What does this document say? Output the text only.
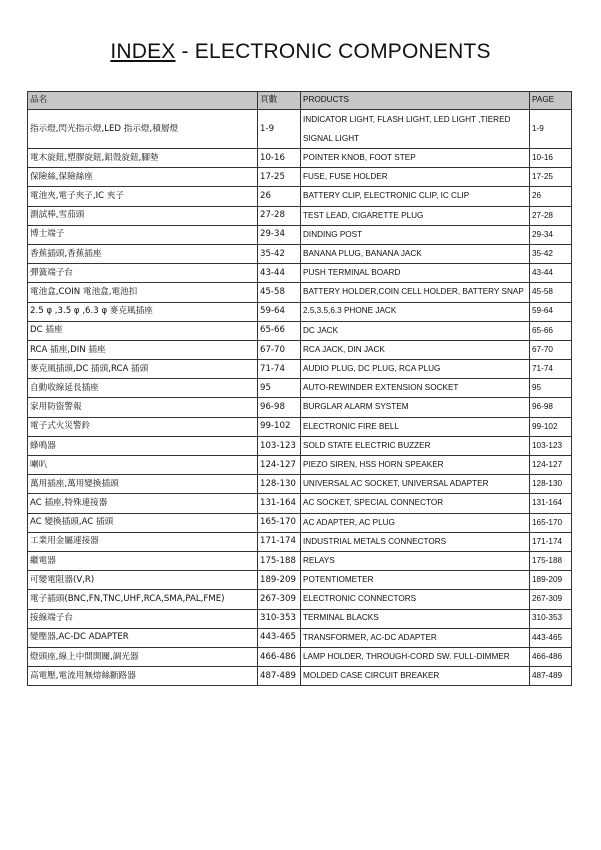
INDEX - ELECTRONIC COMPONENTS
品名	頁數	PRODUCTS	PAGE
指示燈,閃光指示燈,LED 指示燈,積層燈	1-9	INDICATOR LIGHT, FLASH LIGHT, LED LIGHT ,TIERED SIGNAL LIGHT	1-9
電木旋鈕,塑膠旋鈕,鋁殼旋鈕,腳墊	10-16	POINTER KNOB, FOOT STEP	10-16
保險絲,保險絲座	17-25	FUSE, FUSE HOLDER	17-25
電池夾,電子夾子,IC 夾子	26	BATTERY CLIP, ELECTRONIC CLIP, IC CLIP	26
測試棒,雪茄頭	27-28	TEST LEAD, CIGARETTE PLUG	27-28
博士端子	29-34	DINDING POST	29-34
香蕉插頭,香蕉插座	35-42	BANANA PLUG, BANANA JACK	35-42
彈簧端子台	43-44	PUSH TERMINAL BOARD	43-44
電池盒,COIN 電池盒,電池扣	45-58	BATTERY HOLDER,COIN CELL HOLDER, BATTERY SNAP	45-58
2.5 φ ,3.5 φ ,6.3 φ 麥克風插座	59-64	2.5,3.5,6.3 PHONE JACK	59-64
DC 插座	65-66	DC JACK	65-66
RCA 插座,DIN 插座	67-70	RCA JACK, DIN JACK	67-70
麥克風插頭,DC 插頭,RCA 插頭	71-74	AUDIO PLUG, DC PLUG, RCA PLUG	71-74
自動收線延長插座	95	AUTO-REWINDER EXTENSION SOCKET	95
家用防盜警報	96-98	BURGLAR ALARM SYSTEM	96-98
電子式火災警鈴	99-102	ELECTRONIC FIRE BELL	99-102
蜂鳴器	103-123	SOLD STATE ELECTRIC BUZZER	103-123
喇叭	124-127	PIEZO SIREN, HSS HORN SPEAKER	124-127
萬用插座,萬用變換插頭	128-130	UNIVERSAL AC SOCKET, UNIVERSAL ADAPTER	128-130
AC 插座,特殊連接器	131-164	AC SOCKET, SPECIAL CONNECTOR	131-164
AC 變換插頭,AC 插頭	165-170	AC ADAPTER, AC PLUG	165-170
工業用金屬連接器	171-174	INDUSTRIAL METALS CONNECTORS	171-174
繼電器	175-188	RELAYS	175-188
可變電阻器(V,R)	189-209	POTENTIOMETER	189-209
電子插頭(BNC,FN,TNC,UHF,RCA,SMA,PAL,FME)	267-309	ELECTRONIC CONNECTORS	267-309
接線端子台	310-353	TERMINAL BLACKS	310-353
變壓器,AC-DC ADAPTER	443-465	TRANSFORMER, AC-DC ADAPTER	443-465
燈頭座,線上中間開關,調光器	466-486	LAMP HOLDER, THROUGH-CORD SW. FULL-DIMMER	466-486
高電壓,電流用無熔絲斷路器	487-489	MOLDED CASE CIRCUIT BREAKER	487-489
